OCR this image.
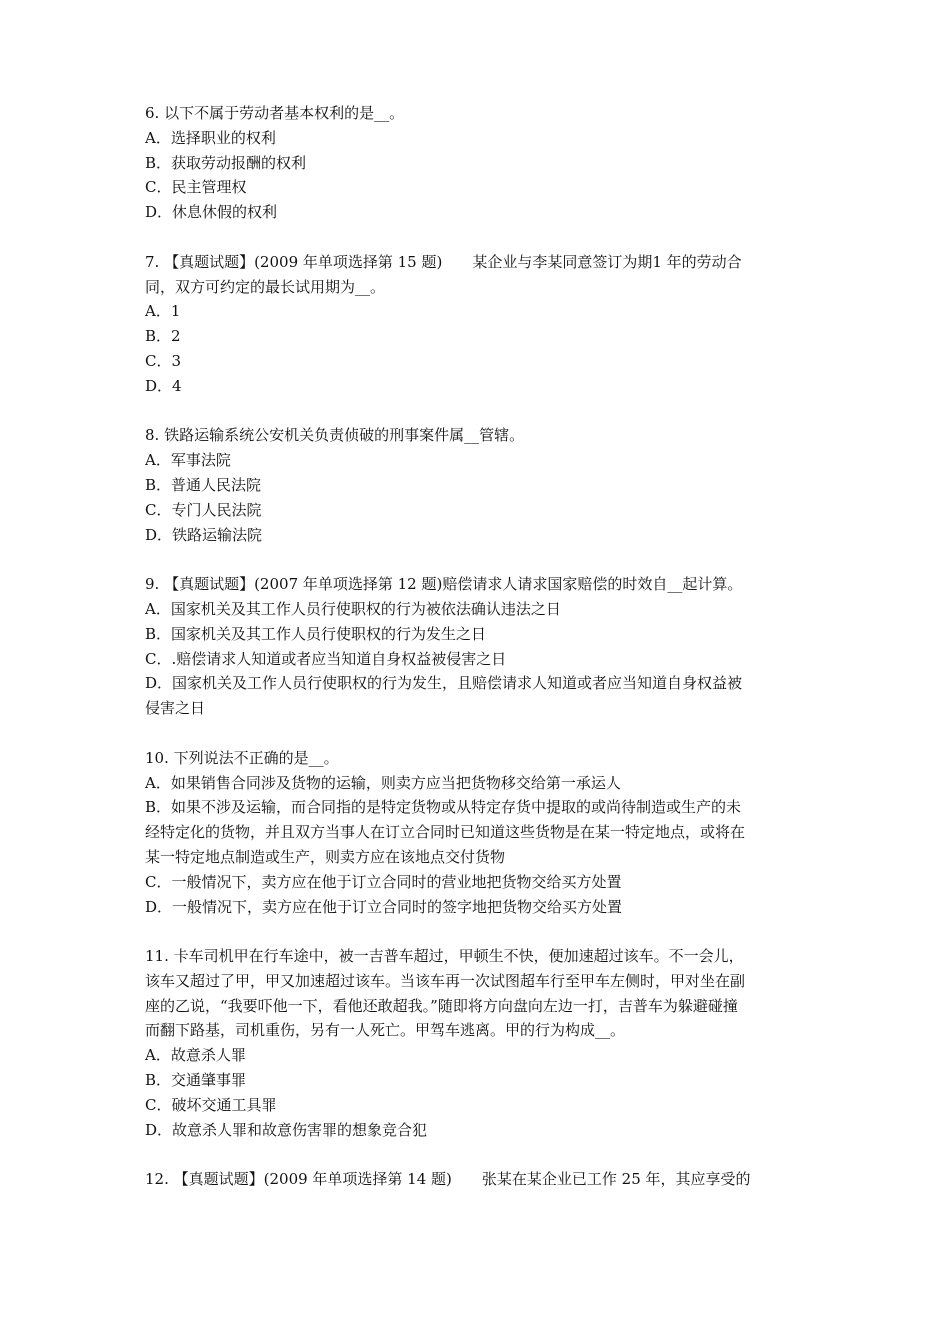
6. 以下不属于劳动者基本权利的是__。
A．选择职业的权利
B．获取劳动报酬的权利
C．民主管理权
D．休息休假的权利
7. 【真题试题】(2009 年单项选择第 15 题)　　某企业与李某同意签订为期1 年的劳动合
同，双方可约定的最长试用期为__。
A．1
B．2
C．3
D．4
8. 铁路运输系统公安机关负责侦破的刑事案件属__管辖。
A．军事法院
B．普通人民法院
C．专门人民法院
D．铁路运输法院
9. 【真题试题】(2007 年单项选择第 12 题)赔偿请求人请求国家赔偿的时效自__起计算。
A．国家机关及其工作人员行使职权的行为被依法确认违法之日
B．国家机关及其工作人员行使职权的行为发生之日
C．.赔偿请求人知道或者应当知道自身权益被侵害之日
D．国家机关及工作人员行使职权的行为发生，且赔偿请求人知道或者应当知道自身权益被
侵害之日
10. 下列说法不正确的是__。
A．如果销售合同涉及货物的运输，则卖方应当把货物移交给第一承运人
B．如果不涉及运输，而合同指的是特定货物或从特定存货中提取的或尚待制造或生产的未
经特定化的货物，并且双方当事人在订立合同时已知道这些货物是在某一特定地点，或将在
某一特定地点制造或生产，则卖方应在该地点交付货物
C．一般情况下，卖方应在他于订立合同时的营业地把货物交给买方处置
D．一般情况下，卖方应在他于订立合同时的签字地把货物交给买方处置
11. 卡车司机甲在行车途中，被一吉普车超过，甲顿生不快，便加速超过该车。不一会儿，
该车又超过了甲，甲又加速超过该车。当该车再一次试图超车行至甲车左侧时，甲对坐在副
座的乙说，“我要吓他一下，看他还敢超我。”随即将方向盘向左边一打，吉普车为躲避碰撞
而翻下路基，司机重伤，另有一人死亡。甲驾车逃离。甲的行为构成__。
A．故意杀人罪
B．交通肇事罪
C．破坏交通工具罪
D．故意杀人罪和故意伤害罪的想象竞合犯
12. 【真题试题】(2009 年单项选择第 14 题)　　张某在某企业已工作 25 年，其应享受的
